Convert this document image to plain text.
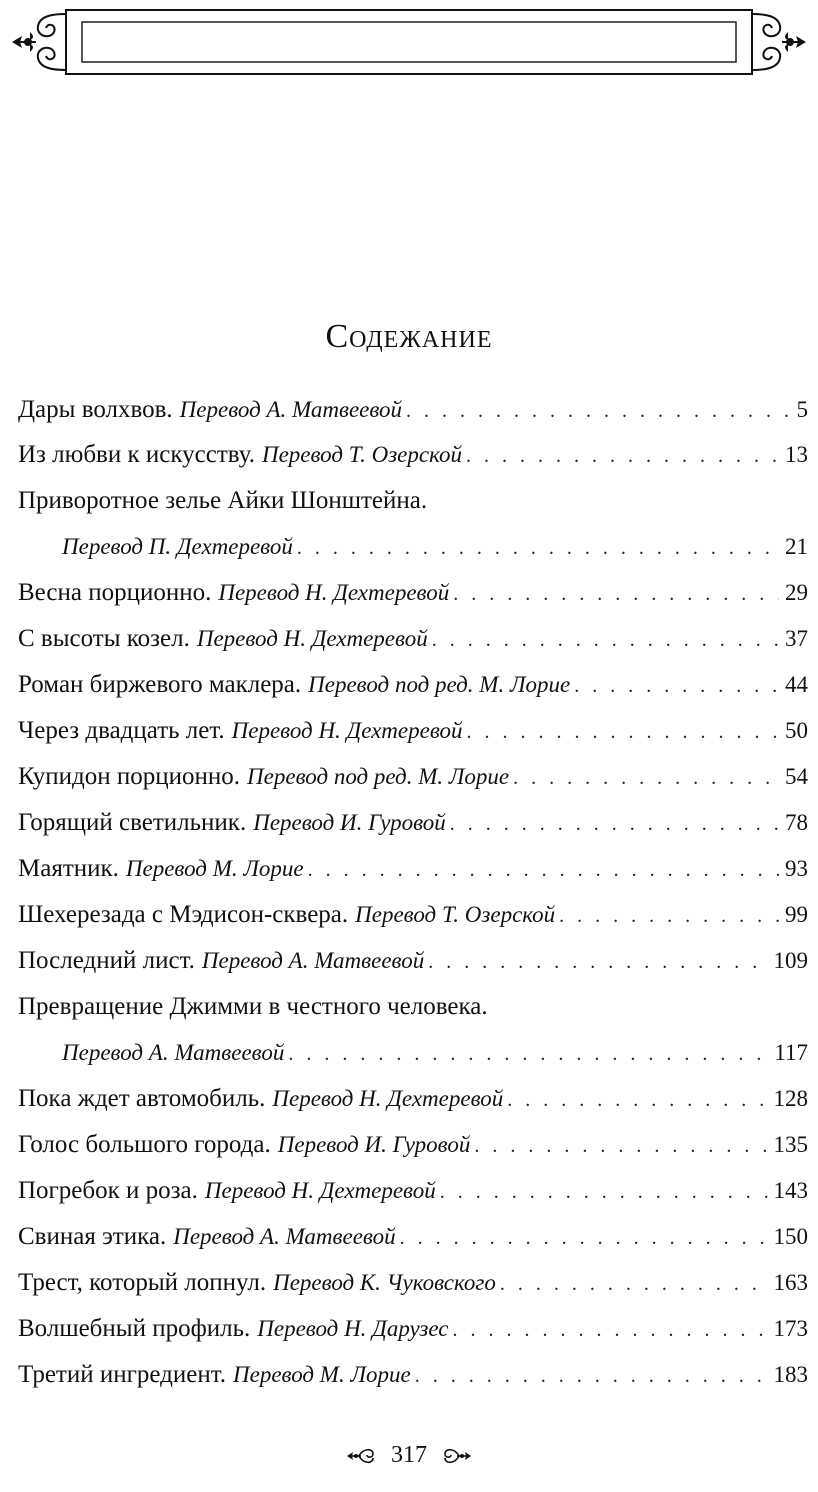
Содежание
Дары волхвов. Перевод А. Матвеевой . . .	5
Из любви к искусству. Перевод Т. Озерской . . .	13
Приворотное зелье Айки Шонштейна.
Перевод П. Дехтеревой . . .	21
Весна порционно. Перевод Н. Дехтеревой . . .	29
С высоты козел. Перевод Н. Дехтеревой . . .	37
Роман биржевого маклера. Перевод под ред. М. Лорие . . .	44
Через двадцать лет. Перевод Н. Дехтеревой . . .	50
Купидон порционно. Перевод под ред. М. Лорие . . .	54
Горящий светильник. Перевод И. Гуровой . . .	78
Маятник. Перевод М. Лорие . . .	93
Шехерезада с Мэдисон-сквера. Перевод Т. Озерской . . .	99
Последний лист. Перевод А. Матвеевой . . .	109
Превращение Джимми в честного человека.
Перевод А. Матвеевой . . .	117
Пока ждет автомобиль. Перевод Н. Дехтеревой . . .	128
Голос большого города. Перевод И. Гуровой . . .	135
Погребок и роза. Перевод Н. Дехтеревой . . .	143
Свиная этика. Перевод А. Матвеевой . . .	150
Трест, который лопнул. Перевод К. Чуковского . . .	163
Волшебный профиль. Перевод Н. Дарузес . . .	173
Третий ингредиент. Перевод М. Лорие . . .	183
317
